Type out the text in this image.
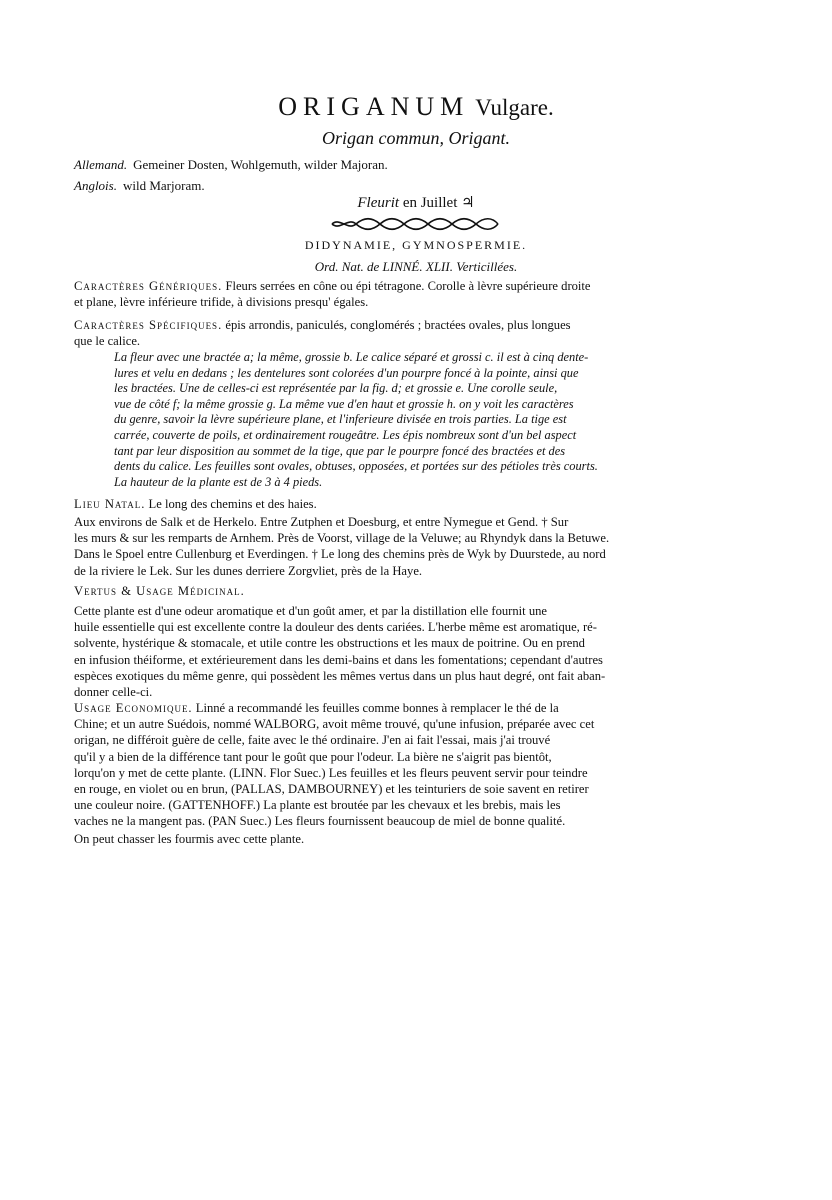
ORIGANUM Vulgare.
Origan commun, Origant.
Allemand. Gemeiner Dosten, Wohlgemuth, wilder Majoran.
Anglois. wild Marjoram.
Fleurit en Juillet ♃
DIDYNAMIE, GYMNOSPERMIE.
Ord. Nat. de LINNÉ. XLII. Verticillées.
Caractères Génériques. Fleurs serrées en cône ou épi tétragone. Corolle à lèvre supérieure droite
et plane, lèvre inférieure trifide, à divisions presqu' égales.
Caractères Spécifiques. épis arrondis, paniculés, conglomérés ; bractées ovales, plus longues
que le calice.
La fleur avec une bractée a; la même, grossie b. Le calice séparé et grossi c. il est à cinq dente-
lures et velu en dedans ; les dentelures sont colorées d'un pourpre foncé à la pointe, ainsi que
les bractées. Une de celles-ci est représentée par la fig. d; et grossie e. Une corolle seule,
vue de côté f; la même grossie g. La même vue d'en haut et grossie h. on y voit les caractères
du genre, savoir la lèvre supérieure plane, et l'inferieure divisée en trois parties. La tige est
carrée, couverte de poils, et ordinairement rougeâtre. Les épis nombreux sont d'un bel aspect
tant par leur disposition au sommet de la tige, que par le pourpre foncé des bractées et des
dents du calice. Les feuilles sont ovales, obtuses, opposées, et portées sur des pétioles très courts.
La hauteur de la plante est de 3 à 4 pieds.
Lieu Natal. Le long des chemins et des haies.
Aux environs de Salk et de Herkelo. Entre Zutphen et Doesburg, et entre Nymegue et Gend. † Sur
les murs & sur les remparts de Arnhem. Près de Voorst, village de la Veluwe; au Rhyndyk dans la Betuwe.
Dans le Spoel entre Cullenburg et Everdingen. † Le long des chemins près de Wyk by Duurstede, au nord
de la riviere le Lek. Sur les dunes derriere Zorgvliet, près de la Haye.
Vertus & Usage Médicinal.
Cette plante est d'une odeur aromatique et d'un goût amer, et par la distillation elle fournit une
huile essentielle qui est excellente contre la douleur des dents cariées. L'herbe même est aromatique, ré-
solvente, hystérique & stomacale, et utile contre les obstructions et les maux de poitrine. Ou en prend
en infusion théiforme, et extérieurement dans les demi-bains et dans les fomentations; cependant d'autres
espèces exotiques du même genre, qui possèdent les mêmes vertus dans un plus haut degré, ont fait aban-
donner celle-ci.
Usage Economique. Linné a recommandé les feuilles comme bonnes à remplacer le thé de la
Chine; et un autre Suédois, nommé WALBORG, avoit même trouvé, qu'une infusion, préparée avec cet
origan, ne différoit guère de celle, faite avec le thé ordinaire. J'en ai fait l'essai, mais j'ai trouvé
qu'il y a bien de la différence tant pour le goût que pour l'odeur. La bière ne s'aigrit pas bientôt,
lorqu'on y met de cette plante. (LINN. Flor Suec.) Les feuilles et les fleurs peuvent servir pour teindre
en rouge, en violet ou en brun, (PALLAS, DAMBOURNEY) et les teinturiers de soie savent en retirer
une couleur noire. (GATTENHOFF.) La plante est broutée par les chevaux et les brebis, mais les
vaches ne la mangent pas. (PAN Suec.) Les fleurs fournissent beaucoup de miel de bonne qualité.
On peut chasser les fourmis avec cette plante.
